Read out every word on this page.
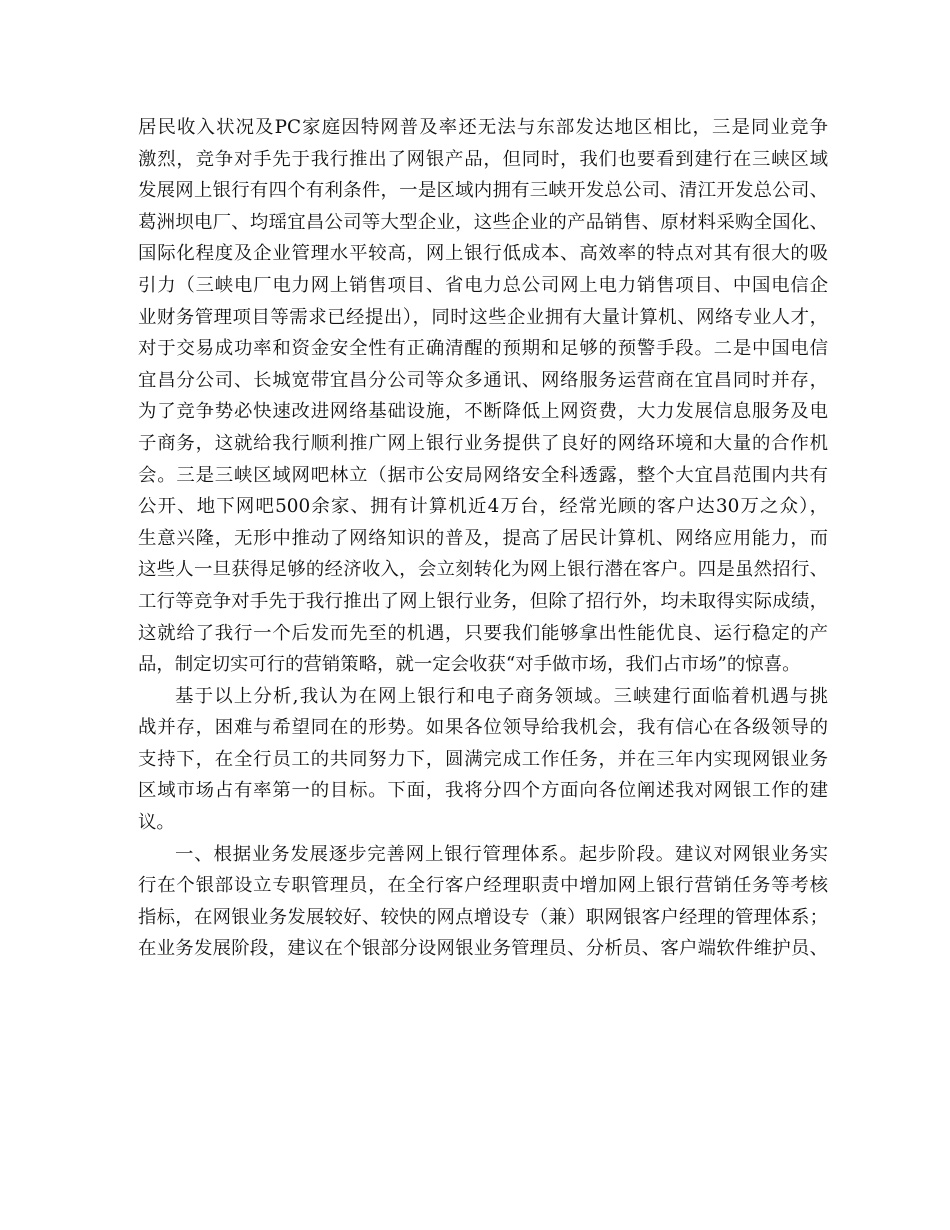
居民收入状况及PC家庭因特网普及率还无法与东部发达地区相比，三是同业竞争
激烈，竞争对手先于我行推出了网银产品，但同时，我们也要看到建行在三峡区域
发展网上银行有四个有利条件，一是区域内拥有三峡开发总公司、清江开发总公司、
葛洲坝电厂、均瑶宜昌公司等大型企业，这些企业的产品销售、原材料采购全国化、
国际化程度及企业管理水平较高，网上银行低成本、高效率的特点对其有很大的吸
引力（三峡电厂电力网上销售项目、省电力总公司网上电力销售项目、中国电信企
业财务管理项目等需求已经提出），同时这些企业拥有大量计算机、网络专业人才，
对于交易成功率和资金安全性有正确清醒的预期和足够的预警手段。二是中国电信
宜昌分公司、长城宽带宜昌分公司等众多通讯、网络服务运营商在宜昌同时并存，
为了竞争势必快速改进网络基础设施，不断降低上网资费，大力发展信息服务及电
子商务，这就给我行顺利推广网上银行业务提供了良好的网络环境和大量的合作机
会。三是三峡区域网吧林立（据市公安局网络安全科透露，整个大宜昌范围内共有
公开、地下网吧500余家、拥有计算机近4万台，经常光顾的客户达30万之众），
生意兴隆，无形中推动了网络知识的普及，提高了居民计算机、网络应用能力，而
这些人一旦获得足够的经济收入，会立刻转化为网上银行潜在客户。四是虽然招行、
工行等竞争对手先于我行推出了网上银行业务，但除了招行外，均未取得实际成绩，
这就给了我行一个后发而先至的机遇，只要我们能够拿出性能优良、运行稳定的产
品，制定切实可行的营销策略，就一定会收获“对手做市场，我们占市场”的惊喜。
基于以上分析,我认为在网上银行和电子商务领域。三峡建行面临着机遇与挑
战并存，困难与希望同在的形势。如果各位领导给我机会，我有信心在各级领导的
支持下，在全行员工的共同努力下，圆满完成工作任务，并在三年内实现网银业务
区域市场占有率第一的目标。下面，我将分四个方面向各位阐述我对网银工作的建
议。
一、根据业务发展逐步完善网上银行管理体系。起步阶段。建议对网银业务实
行在个银部设立专职管理员，在全行客户经理职责中增加网上银行营销任务等考核
指标，在网银业务发展较好、较快的网点增设专（兼）职网银客户经理的管理体系；
在业务发展阶段，建议在个银部分设网银业务管理员、分析员、客户端软件维护员、
